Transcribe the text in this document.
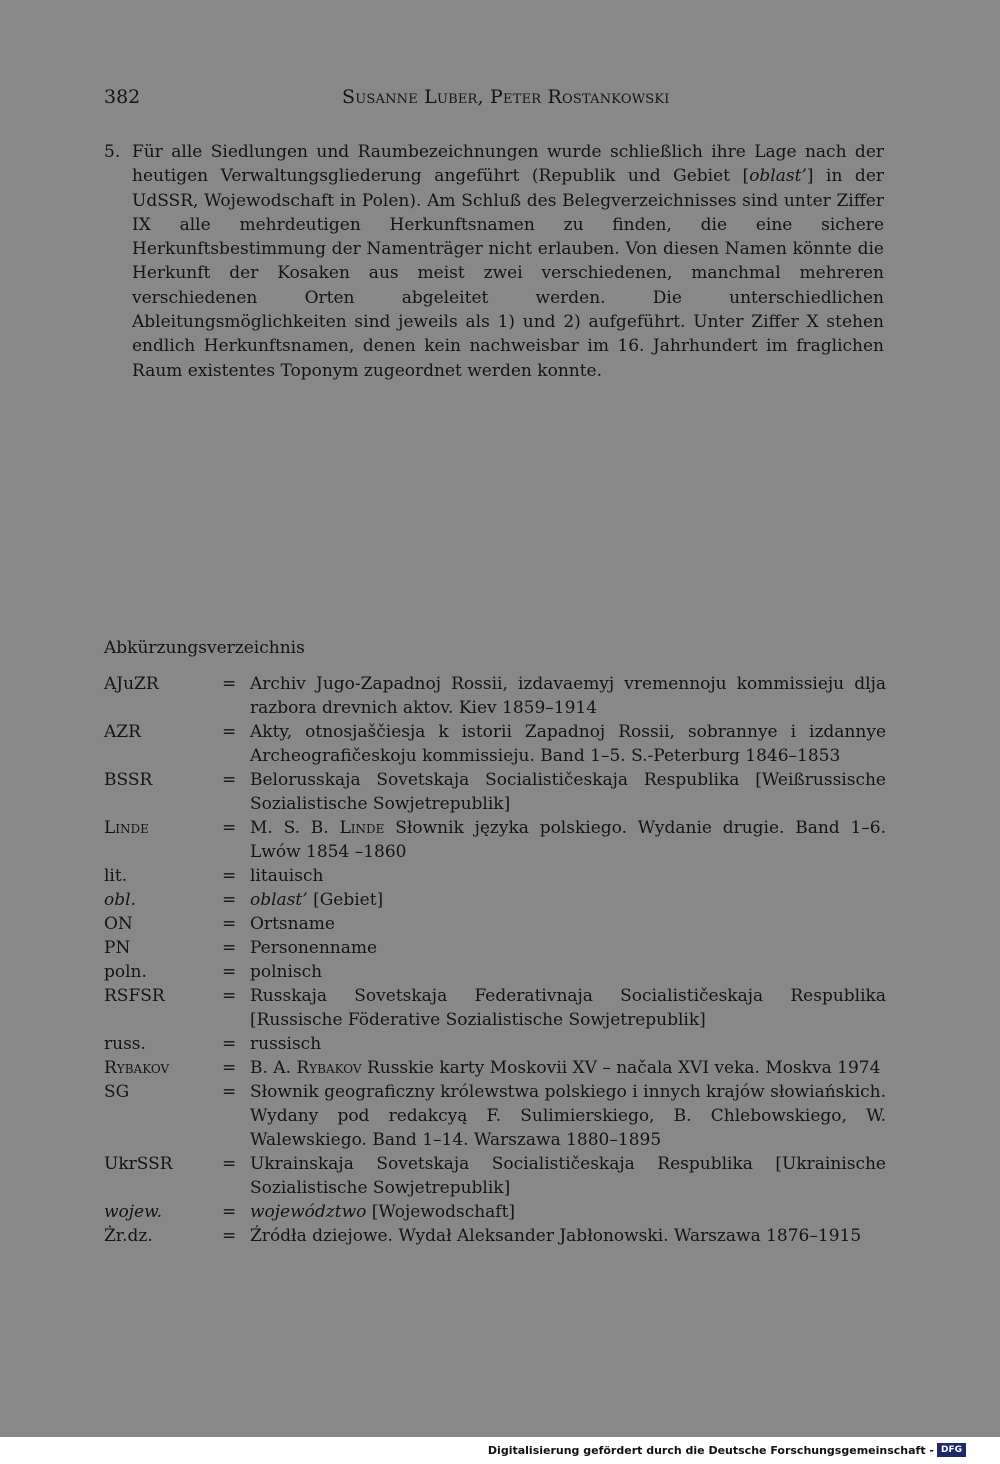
382	Susanne Luber, Peter Rostankowski
5. Für alle Siedlungen und Raumbezeichnungen wurde schließlich ihre Lage nach der heutigen Verwaltungsgliederung angeführt (Republik und Gebiet [oblast’] in der UdSSR, Wojewodschaft in Polen). Am Schluß des Belegverzeichnisses sind unter Ziffer IX alle mehrdeutigen Herkunftsnamen zu finden, die eine sichere Herkunftsbestimmung der Namenträger nicht erlauben. Von diesen Namen könnte die Herkunft der Kosaken aus meist zwei verschiedenen, manchmal mehreren verschiedenen Orten abgeleitet werden. Die unterschiedlichen Ableitungsmöglichkeiten sind jeweils als 1) und 2) aufgeführt. Unter Ziffer X stehen endlich Herkunftsnamen, denen kein nachweisbar im 16. Jahrhundert im fraglichen Raum existentes Toponym zugeordnet werden konnte.
Abkürzungsverzeichnis
AJuZR	= Archiv Jugo-Zapadnoj Rossii, izdavaemyj vremennoju kommissieju dlja razbora drevnich aktov. Kiev 1859–1914
AZR	= Akty, otnosjaščiesja k istorii Zapadnoj Rossii, sobrannye i izdannye Archeografičeskoju kommissieju. Band 1–5. S.-Peterburg 1846–1853
BSSR	= Belorusskaja Sovetskaja Socialističeskaja Respublika [Weißrussische Sozialistische Sowjetrepublik]
Linde	= M. S. B. Linde Słownik języka polskiego. Wydanie drugie. Band 1–6. Lwów 1854 –1860
lit.	= litauisch
obl.	= oblast’ [Gebiet]
ON	= Ortsname
PN	= Personenname
poln.	= polnisch
RSFSR	= Russkaja Sovetskaja Federativnaja Socialističeskaja Respublika [Russische Föderative Sozialistische Sowjetrepublik]
russ.	= russisch
Rybakov	= B. A. Rybakov Russkie karty Moskovii XV – načala XVI veka. Moskva 1974
SG	= Słownik geograficzny królewstwa polskiego i innych krajów słowiańskich. Wydany pod redakcyą F. Sulimierskiego, B. Chlebowskiego, W. Walewskiego. Band 1–14. Warszawa 1880–1895
UkrSSR	= Ukrainskaja Sovetskaja Socialističeskaja Respublika [Ukrainische Sozialistische Sowjetrepublik]
wojew.	= województwo [Wojewodschaft]
Żr.dz.	= Źródła dziejowe. Wydał Aleksander Jabłonowski. Warszawa 1876–1915
Digitalisierung gefördert durch die Deutsche Forschungsgemeinschaft - DFG
